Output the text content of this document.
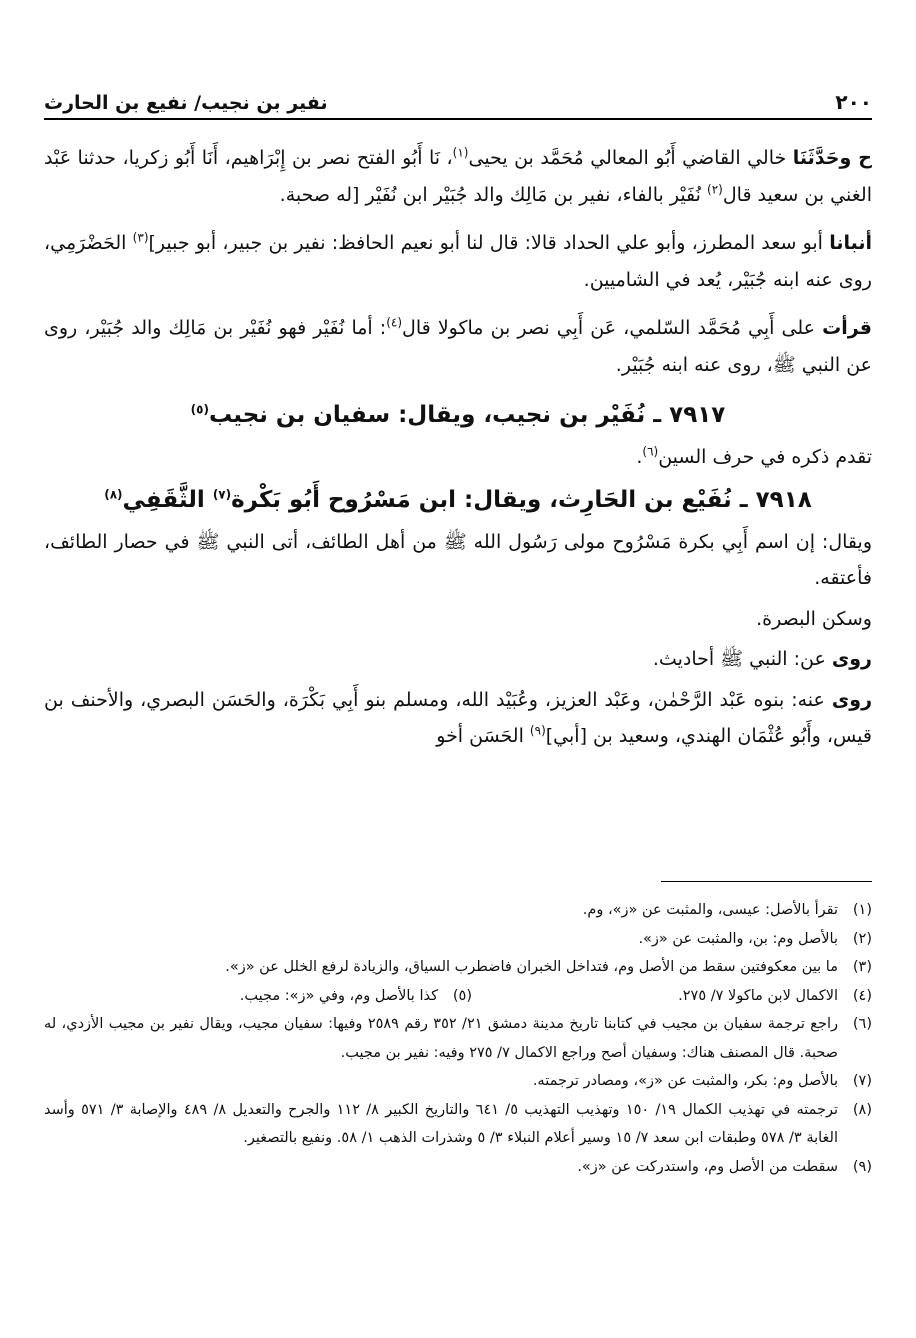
٢٠٠
نفير بن نجيب/ نفيع بن الحارث

ح وحَدَّثَنَا خالي القاضي أَبُو المعالي مُحَمَّد بن يحيى$^{(١)}$، نَا أَبُو الفتح نصر بن إِبْرَاهيم، أَنَا أَبُو زكريا، حدثنا عَبْد الغني بن سعيد قال$^{(٢)}$ نُفَيْر بالفاء، نفير بن مَالِك والد جُبَيْر ابن نُفَيْر [له صحبة.

أنبانا أبو سعد المطرز، وأبو علي الحداد قالا: قال لنا أبو نعيم الحافظ: نفير بن جبير، أبو جبير]$^{(٣)}$ الحَضْرَمِي، روى عنه ابنه جُبَيْر، يُعد في الشاميين.

قرأت على أَبِي مُحَمَّد السّلمي، عَن أَبِي نصر بن ماكولا قال$^{(٤)}$: أما نُفَيْر فهو نُفَيْر بن مَالِك والد جُبَيْر، روى عن النبي ﷺ، روى عنه ابنه جُبَيْر.

٧٩١٧ ـ نُفَيْر بن نجيب، ويقال: سفيان بن نجيب$^{(٥)}$

تقدم ذكره في حرف السين$^{(٦)}$.

٧٩١٨ ـ نُفَيْع بن الحَارِث، ويقال: ابن مَسْرُوح أَبُو بَكْرة$^{(٧)}$ الثَّقَفِي$^{(٨)}$

ويقال: إن اسم أَبِي بكرة مَسْرُوح مولى رَسُول الله ﷺ من أهل الطائف، أتى النبي ﷺ في حصار الطائف، فأعتقه.

وسكن البصرة.

روى عن: النبي ﷺ أحاديث.

روى عنه: بنوه عَبْد الرَّحْمٰن، وعَبْد العزيز، وعُبَيْد الله، ومسلم بنو أَبِي بَكْرَة، والحَسَن البصري، والأحنف بن قيس، وأَبُو عُثْمَان الهندي، وسعيد بن [أبي]$^{(٩)}$ الحَسَن أخو

(١)
تقرأ بالأصل: عيسى، والمثبت عن «ز»، وم.
(٢)
بالأصل وم: بن، والمثبت عن «ز».
(٣)
ما بين معكوفتين سقط من الأصل وم، فتداخل الخبران فاضطرب السياق، والزيادة لرفع الخلل عن «ز».
(٤)
الاكمال لابن ماكولا ٧/ ٢٧٥.
(٥)
كذا بالأصل وم، وفي «ز»: مجيب.
(٦)
راجع ترجمة سفيان بن مجيب في كتابنا تاريخ مدينة دمشق ٢١/ ٣٥٢ رقم ٢٥٨٩ وفيها: سفيان مجيب، ويقال نفير بن مجيب الأزدي، له صحبة. قال المصنف هناك: وسفيان أصح وراجع الاكمال ٧/ ٢٧٥ وفيه: نفير بن مجيب.
(٧)
بالأصل وم: بكر، والمثبت عن «ز»، ومصادر ترجمته.
(٨)
ترجمته في تهذيب الكمال ١٩/ ١٥٠ وتهذيب التهذيب ٥/ ٦٤١ والتاريخ الكبير ٨/ ١١٢ والجرح والتعديل ٨/ ٤٨٩ والإصابة ٣/ ٥٧١ وأسد الغابة ٣/ ٥٧٨ وطبقات ابن سعد ٧/ ١٥ وسير أعلام النبلاء ٣/ ٥ وشذرات الذهب ١/ ٥٨. ونفيع بالتصغير.
(٩)
سقطت من الأصل وم، واستدركت عن «ز».
